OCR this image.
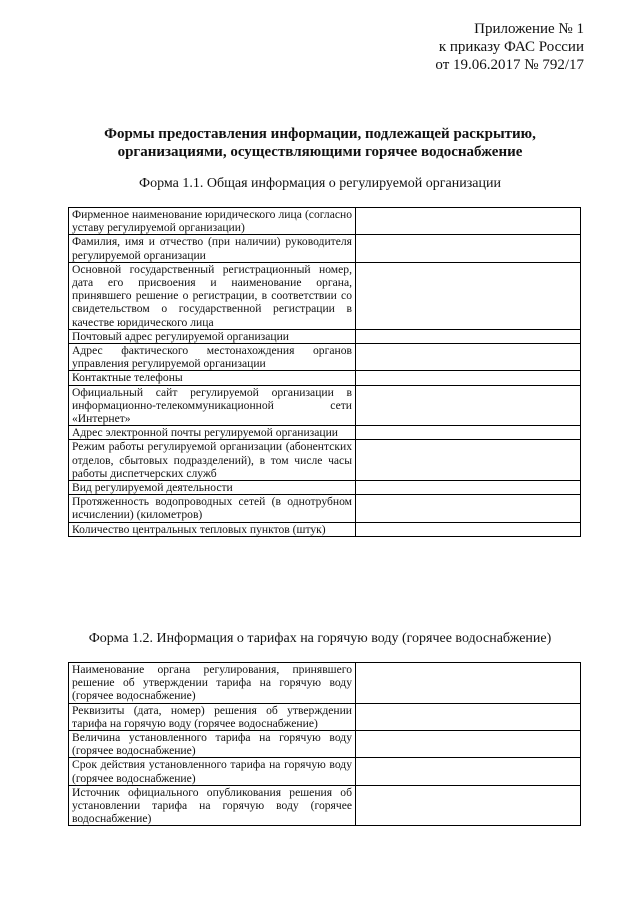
Приложение № 1
к приказу ФАС России
от 19.06.2017 № 792/17
Формы предоставления информации, подлежащей раскрытию,
организациями, осуществляющими горячее водоснабжение
Форма 1.1. Общая информация о регулируемой организации
Фирменное наименование юридического лица (согласно уставу регулируемой организации)	
Фамилия, имя и отчество (при наличии) руководителя регулируемой организации	
Основной государственный регистрационный номер, дата его присвоения и наименование органа, принявшего решение о регистрации, в соответствии со свидетельством о государственной регистрации в качестве юридического лица	
Почтовый адрес регулируемой организации	
Адрес фактического местонахождения органов управления регулируемой организации	
Контактные телефоны	
Официальный сайт регулируемой организации в информационно-телекоммуникационной сети «Интернет»	
Адрес электронной почты регулируемой организации	
Режим работы регулируемой организации (абонентских отделов, сбытовых подразделений), в том числе часы работы диспетчерских служб	
Вид регулируемой деятельности	
Протяженность водопроводных сетей (в однотрубном исчислении) (километров)	
Количество центральных тепловых пунктов (штук)	
Форма 1.2. Информация о тарифах на горячую воду (горячее водоснабжение)
Наименование органа регулирования, принявшего решение об утверждении тарифа на горячую воду (горячее водоснабжение)	
Реквизиты (дата, номер) решения об утверждении тарифа на горячую воду (горячее водоснабжение)	
Величина установленного тарифа на горячую воду (горячее водоснабжение)	
Срок действия установленного тарифа на горячую воду (горячее водоснабжение)	
Источник официального опубликования решения об установлении тарифа на горячую воду (горячее водоснабжение)	
